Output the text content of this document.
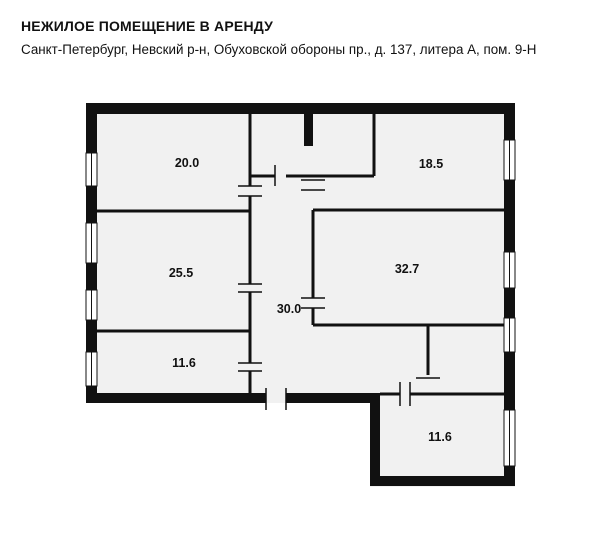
НЕЖИЛОЕ ПОМЕЩЕНИЕ В АРЕНДУ
Санкт-Петербург, Невский р-н, Обуховской обороны пр., д. 137, литера А, пом. 9-Н
20.0	18.5
25.5	32.7
30.0
11.6
11.6
